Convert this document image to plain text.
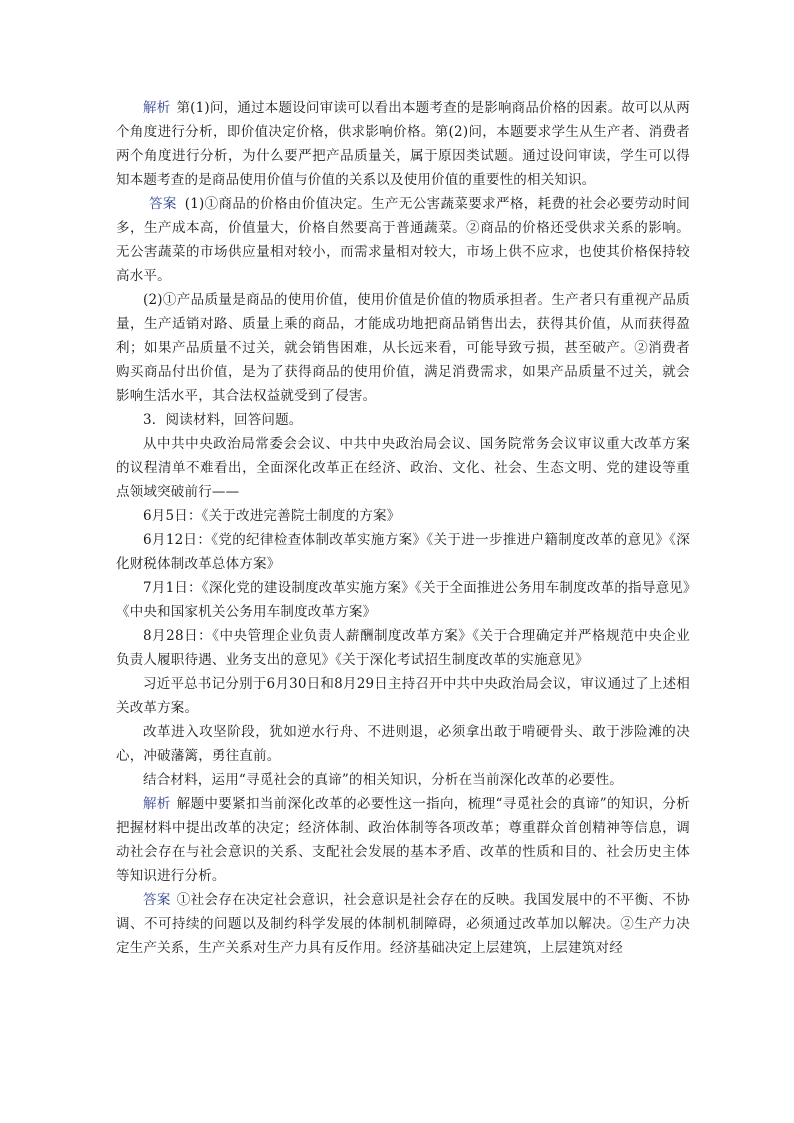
解析 第(1)问，通过本题设问审读可以看出本题考查的是影响商品价格的因素。故可以从两个角度进行分析，即价值决定价格，供求影响价格。第(2)问，本题要求学生从生产者、消费者两个角度进行分析，为什么要严把产品质量关，属于原因类试题。通过设问审读，学生可以得知本题考查的是商品使用价值与价值的关系以及使用价值的重要性的相关知识。

答案 (1)①商品的价格由价值决定。生产无公害蔬菜要求严格，耗费的社会必要劳动时间多，生产成本高，价值量大，价格自然要高于普通蔬菜。②商品的价格还受供求关系的影响。无公害蔬菜的市场供应量相对较小，而需求量相对较大，市场上供不应求，也使其价格保持较高水平。

(2)①产品质量是商品的使用价值，使用价值是价值的物质承担者。生产者只有重视产品质量，生产适销对路、质量上乘的商品，才能成功地把商品销售出去，获得其价值，从而获得盈利；如果产品质量不过关，就会销售困难，从长远来看，可能导致亏损，甚至破产。②消费者购买商品付出价值，是为了获得商品的使用价值，满足消费需求，如果产品质量不过关，就会影响生活水平，其合法权益就受到了侵害。

3．阅读材料，回答问题。

从中共中央政治局常委会会议、中共中央政治局会议、国务院常务会议审议重大改革方案的议程清单不难看出，全面深化改革正在经济、政治、文化、社会、生态文明、党的建设等重点领域突破前行——

6月5日：《关于改进完善院士制度的方案》

6月12日：《党的纪律检查体制改革实施方案》《关于进一步推进户籍制度改革的意见》《深化财税体制改革总体方案》

7月1日：《深化党的建设制度改革实施方案》《关于全面推进公务用车制度改革的指导意见》《中央和国家机关公务用车制度改革方案》

8月28日：《中央管理企业负责人薪酬制度改革方案》《关于合理确定并严格规范中央企业负责人履职待遇、业务支出的意见》《关于深化考试招生制度改革的实施意见》

习近平总书记分别于6月30日和8月29日主持召开中共中央政治局会议，审议通过了上述相关改革方案。

改革进入攻坚阶段，犹如逆水行舟、不进则退，必须拿出敢于啃硬骨头、敢于涉险滩的决心，冲破藩篱，勇往直前。

结合材料，运用“寻觅社会的真谛”的相关知识，分析在当前深化改革的必要性。

解析 解题中要紧扣当前深化改革的必要性这一指向，梳理“寻觅社会的真谛”的知识，分析把握材料中提出改革的决定；经济体制、政治体制等各项改革；尊重群众首创精神等信息，调动社会存在与社会意识的关系、支配社会发展的基本矛盾、改革的性质和目的、社会历史主体等知识进行分析。

答案 ①社会存在决定社会意识，社会意识是社会存在的反映。我国发展中的不平衡、不协调、不可持续的问题以及制约科学发展的体制机制障碍，必须通过改革加以解决。②生产力决定生产关系，生产关系对生产力具有反作用。经济基础决定上层建筑，上层建筑对经
